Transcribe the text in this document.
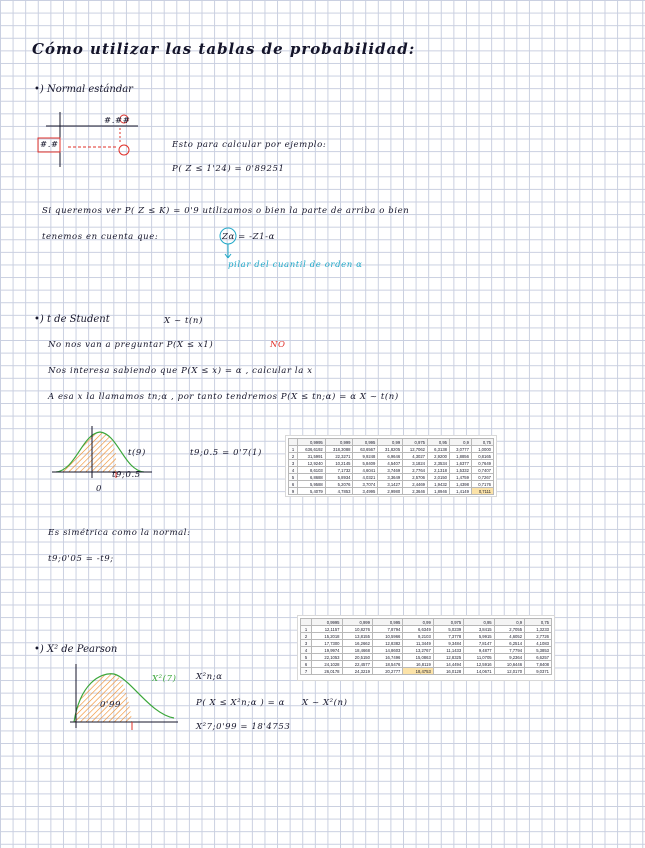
Cómo utilizar las tablas de probabilidad:
•) Normal estándar
#.##
#.#	Esto para calcular por ejemplo:
P( Z ≤ 1'24) = 0'89251
Si queremos ver P( Z ≤ K) = 0'9 utilizamos o bien la parte de arriba o bien
tenemos en cuenta que:	Zα = -Z1-α
pilar del cuantil de orden α
•) t de Student	X ~ t(n)
No nos van a preguntar P(X ≤ x1)	NO
Nos interesa sabiendo que P(X ≤ x) = α , calcular la x
A esa x la llamamos tn;α , por tanto tendremos P(X ≤ tn;α) = α X ~ t(n)
t(9)
t9;0.5
0
t9;0.5 = 0'7(1)
	0,9995	0,999	0,995	0,99	0,975	0,95	0,9	0,75
1	636,6192	318,3088	63,6567	31,8205	12,7062	6,3138	3,0777	1,0000
2	31,5991	22,3271	9,9248	6,9646	4,3027	2,9200	1,8856	0,8165
3	12,9240	10,2145	5,8409	4,5407	3,1824	2,3534	1,6377	0,7649
4	8,6103	7,1732	4,6041	3,7469	2,7764	2,1318	1,5332	0,7407
5	6,8688	5,8934	4,0321	3,3649	2,5706	2,0150	1,4759	0,7267
6	5,9588	5,2076	3,7074	3,1427	2,4469	1,9432	1,4398	0,7176
9	5,4079	4,7853	3,4995	2,9980	2,3646	1,8946	1,4149	0,7111
Es simétrica como la normal:
t9;0'05 = -t9;
•) X² de Pearson
	0,9995	0,999	0,995	0,99	0,975	0,95	0,9	0,75
1	12,1157	10,8276	7,8794	6,6349	5,0239	3,8415	2,7055	1,3233
2	15,2018	13,8155	10,5966	9,2103	7,3778	5,9915	4,6052	2,7726
3	17,7300	16,2662	12,8382	11,3449	9,3484	7,8147	6,2514	4,1083
4	19,9974	18,4668	14,8603	13,2767	11,1433	9,4877	7,7794	5,3853
5	22,1053	20,5150	16,7496	15,0863	12,8325	11,0705	9,2364	6,6257
6	24,1028	22,4577	18,5476	16,8119	14,4494	12,5916	10,6446	7,8408
7	26,0178	24,3219	20,2777	18,4753	16,0128	14,0671	12,0170	9,0371
X²(7)
0'99
X²n;α
P( X ≤ X²n;α ) = α X ~ X²(n)
X²7;0'99 = 18'4753
